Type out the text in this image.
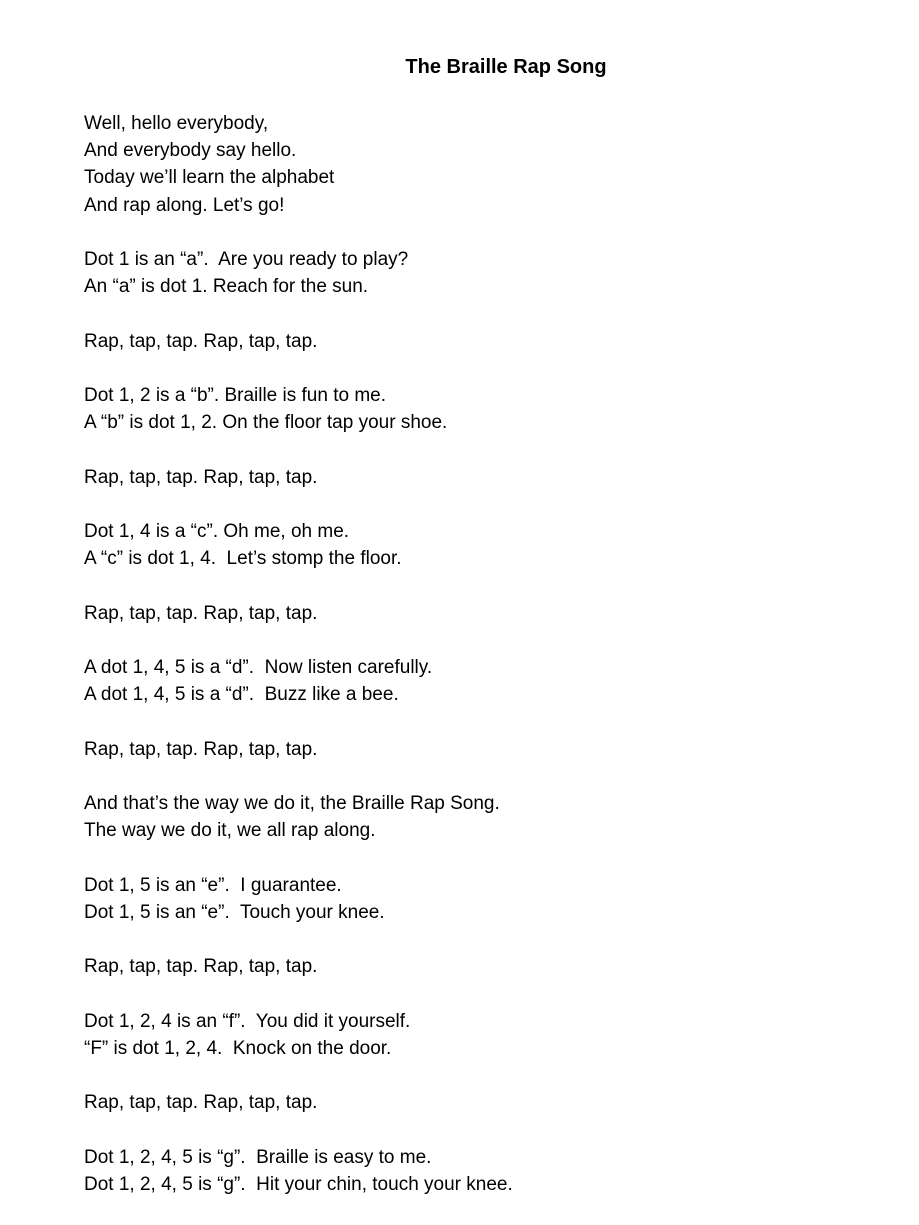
The Braille Rap Song
Well, hello everybody,
And everybody say hello.
Today we’ll learn the alphabet
And rap along. Let’s go!
Dot 1 is an “a”.  Are you ready to play?
An “a” is dot 1. Reach for the sun.
Rap, tap, tap. Rap, tap, tap.
Dot 1, 2 is a “b”. Braille is fun to me.
A “b” is dot 1, 2. On the floor tap your shoe.
Rap, tap, tap. Rap, tap, tap.
Dot 1, 4 is a “c”. Oh me, oh me.
A “c” is dot 1, 4.  Let’s stomp the floor.
Rap, tap, tap. Rap, tap, tap.
A dot 1, 4, 5 is a “d”.  Now listen carefully.
A dot 1, 4, 5 is a “d”.  Buzz like a bee.
Rap, tap, tap. Rap, tap, tap.
And that’s the way we do it, the Braille Rap Song.
The way we do it, we all rap along.
Dot 1, 5 is an “e”.  I guarantee.
Dot 1, 5 is an “e”.  Touch your knee.
Rap, tap, tap. Rap, tap, tap.
Dot 1, 2, 4 is an “f”.  You did it yourself.
“F” is dot 1, 2, 4.  Knock on the door.
Rap, tap, tap. Rap, tap, tap.
Dot 1, 2, 4, 5 is “g”.  Braille is easy to me.
Dot 1, 2, 4, 5 is “g”.  Hit your chin, touch your knee.
